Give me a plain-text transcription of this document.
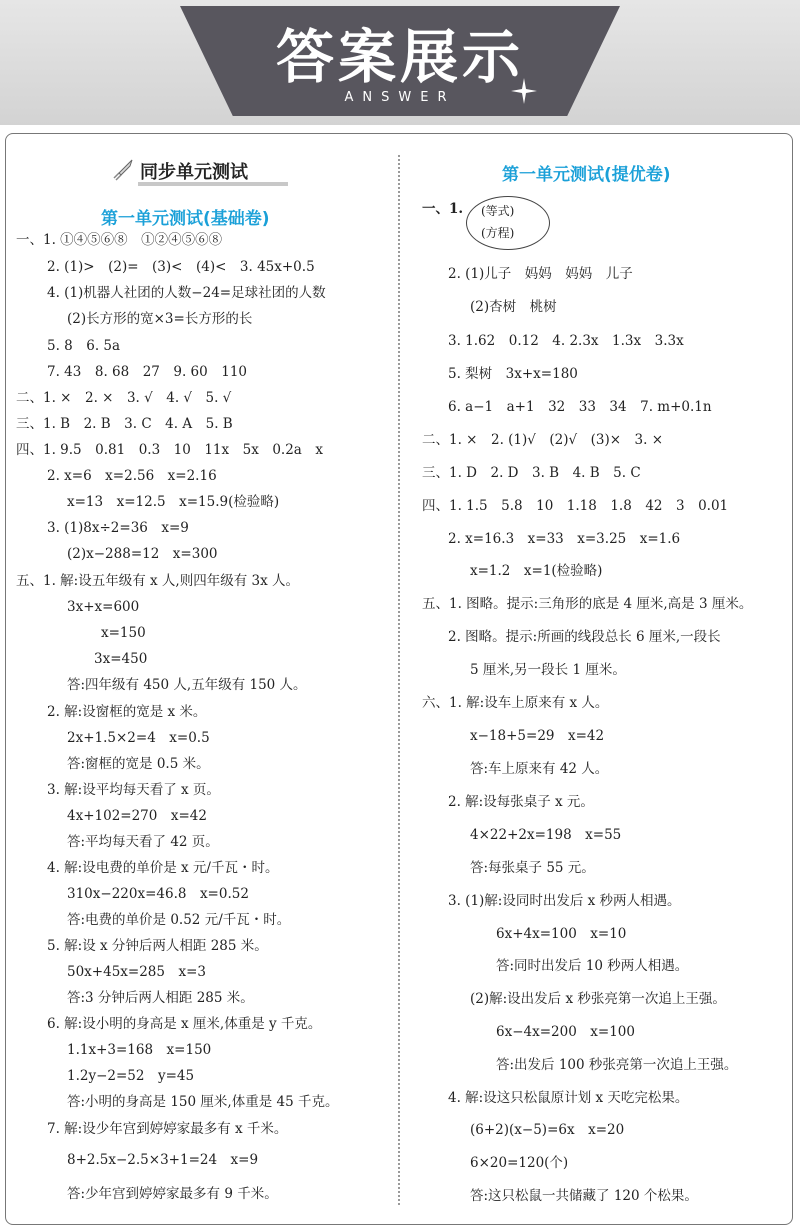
答案展示
ANSWER
同步单元测试
第一单元测试(基础卷)
第一单元测试(提优卷)
一、1. ①④⑤⑥⑧　①②④⑤⑥⑧
2. (1)>　(2)=　(3)<　(4)<　3. 45x+0.5
4. (1)机器人社团的人数−24=足球社团的人数
(2)长方形的宽×3=长方形的长
5. 8　6. 5a
7. 43　8. 68　27　9. 60　110
二、1. ×　2. ×　3. √　4. √　5. √
三、1. B　2. B　3. C　4. A　5. B
四、1. 9.5　0.81　0.3　10　11x　5x　0.2a　x
2. x=6　x=2.56　x=2.16
x=13　x=12.5　x=15.9(检验略)
3. (1)8x÷2=36　x=9
(2)x−288=12　x=300
五、1. 解:设五年级有 x 人,则四年级有 3x 人。
3x+x=600
x=150
3x=450
答:四年级有 450 人,五年级有 150 人。
2. 解:设窗框的宽是 x 米。
2x+1.5×2=4　x=0.5
答:窗框的宽是 0.5 米。
3. 解:设平均每天看了 x 页。
4x+102=270　x=42
答:平均每天看了 42 页。
4. 解:设电费的单价是 x 元/千瓦・时。
310x−220x=46.8　x=0.52
答:电费的单价是 0.52 元/千瓦・时。
5. 解:设 x 分钟后两人相距 285 米。
50x+45x=285　x=3
答:3 分钟后两人相距 285 米。
6. 解:设小明的身高是 x 厘米,体重是 y 千克。
1.1x+3=168　x=150
1.2y−2=52　y=45
答:小明的身高是 150 厘米,体重是 45 千克。
7. 解:设少年宫到婷婷家最多有 x 千米。
8+2.5x−2.5×3+1=24　x=9
答:少年宫到婷婷家最多有 9 千米。
2. (1)儿子　妈妈　妈妈　儿子
(2)杏树　桃树
3. 1.62　0.12　4. 2.3x　1.3x　3.3x
5. 梨树　3x+x=180
6. a−1　a+1　32　33　34　7. m+0.1n
二、1. ×　2. (1)√　(2)√　(3)×　3. ×
三、1. D　2. D　3. B　4. B　5. C
四、1. 1.5　5.8　10　1.18　1.8　42　3　0.01
2. x=16.3　x=33　x=3.25　x=1.6
x=1.2　x=1(检验略)
五、1. 图略。提示:三角形的底是 4 厘米,高是 3 厘米。
2. 图略。提示:所画的线段总长 6 厘米,一段长
5 厘米,另一段长 1 厘米。
六、1. 解:设车上原来有 x 人。
x−18+5=29　x=42
答:车上原来有 42 人。
2. 解:设每张桌子 x 元。
4×22+2x=198　x=55
答:每张桌子 55 元。
3. (1)解:设同时出发后 x 秒两人相遇。
6x+4x=100　x=10
答:同时出发后 10 秒两人相遇。
(2)解:设出发后 x 秒张亮第一次追上王强。
6x−4x=200　x=100
答:出发后 100 秒张亮第一次追上王强。
4. 解:设这只松鼠原计划 x 天吃完松果。
(6+2)(x−5)=6x　x=20
6×20=120(个)
答:这只松鼠一共储藏了 120 个松果。
一、1. (等式)
(方程)
